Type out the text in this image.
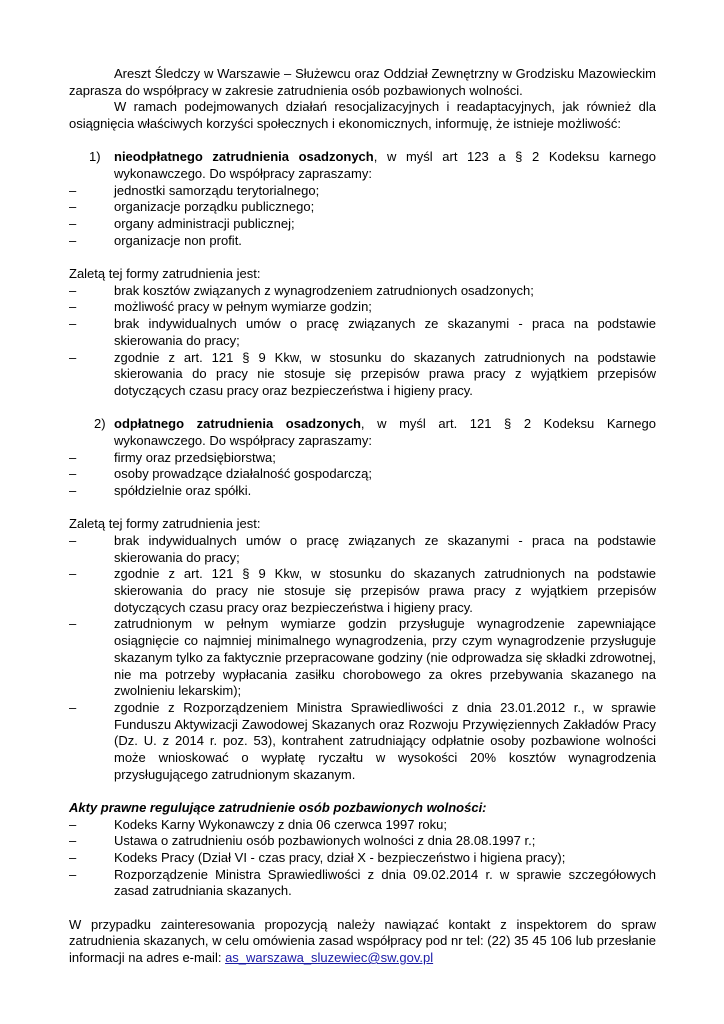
Areszt Śledczy w Warszawie – Służewcu oraz Oddział Zewnętrzny w Grodzisku Mazowieckim zaprasza do współpracy w zakresie zatrudnienia osób pozbawionych wolności.

W ramach podejmowanych działań resocjalizacyjnych i readaptacyjnych, jak również dla osiągnięcia właściwych korzyści społecznych i ekonomicznych, informuję, że istnieje możliwość:

1)	nieodpłatnego zatrudnienia osadzonych, w myśl art 123 a § 2 Kodeksu karnego wykonawczego. Do współpracy zapraszamy:
–	jednostki samorządu terytorialnego;
–	organizacje porządku publicznego;
–	organy administracji publicznej;
–	organizacje non profit.

Zaletą tej formy zatrudnienia jest:

–	brak kosztów związanych z wynagrodzeniem zatrudnionych osadzonych;
–	możliwość pracy w pełnym wymiarze godzin;
–	brak indywidualnych umów o pracę związanych ze skazanymi - praca na podstawie skierowania do pracy;
–	zgodnie z art. 121 § 9 Kkw, w stosunku do skazanych zatrudnionych na podstawie skierowania do pracy nie stosuje się przepisów prawa pracy z wyjątkiem przepisów dotyczących czasu pracy oraz bezpieczeństwa i higieny pracy.
2) odpłatnego zatrudnienia osadzonych, w myśl art. 121 § 2 Kodeksu Karnego wykonawczego. Do współpracy zapraszamy:
–	firmy oraz przedsiębiorstwa;
–	osoby prowadzące działalność gospodarczą;
–	spółdzielnie oraz spółki.

Zaletą tej formy zatrudnienia jest:

–	brak indywidualnych umów o pracę związanych ze skazanymi - praca na podstawie skierowania do pracy;
–	zgodnie z art. 121 § 9 Kkw, w stosunku do skazanych zatrudnionych na podstawie skierowania do pracy nie stosuje się przepisów prawa pracy z wyjątkiem przepisów dotyczących czasu pracy oraz bezpieczeństwa i higieny pracy.
–	zatrudnionym w pełnym wymiarze godzin przysługuje wynagrodzenie zapewniające osiągnięcie co najmniej minimalnego wynagrodzenia, przy czym wynagrodzenie przysługuje skazanym tylko za faktycznie przepracowane godziny (nie odprowadza się składki zdrowotnej, nie ma potrzeby wypłacania zasiłku chorobowego za okres przebywania skazanego na zwolnieniu lekarskim);
–	zgodnie z Rozporządzeniem Ministra Sprawiedliwości z dnia 23.01.2012 r., w sprawie Funduszu Aktywizacji Zawodowej Skazanych oraz Rozwoju Przywięziennych Zakładów Pracy (Dz. U. z 2014 r. poz. 53), kontrahent zatrudniający odpłatnie osoby pozbawione wolności może wnioskować o wypłatę ryczałtu w wysokości 20% kosztów wynagrodzenia przysługującego zatrudnionym skazanym.

Akty prawne regulujące zatrudnienie osób pozbawionych wolności:

–	Kodeks Karny Wykonawczy z dnia 06 czerwca 1997 roku;
–	Ustawa o zatrudnieniu osób pozbawionych wolności z dnia 28.08.1997 r.;
–	Kodeks Pracy (Dział VI - czas pracy, dział X - bezpieczeństwo i higiena pracy);
–	Rozporządzenie Ministra Sprawiedliwości z dnia 09.02.2014 r. w sprawie szczegółowych zasad zatrudniania skazanych.

W przypadku zainteresowania propozycją należy nawiązać kontakt z inspektorem do spraw zatrudnienia skazanych, w celu omówienia zasad współpracy pod nr tel: (22) 35 45 106 lub przesłanie informacji na adres e-mail: as_warszawa_sluzewiec@sw.gov.pl
